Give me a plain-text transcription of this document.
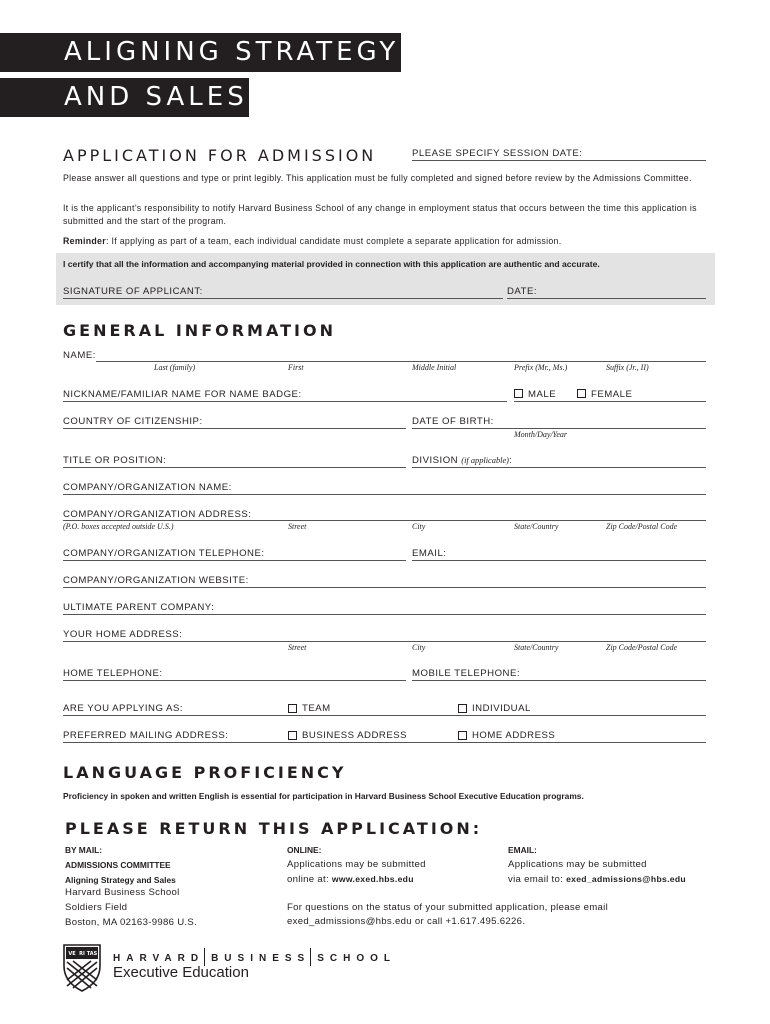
ALIGNING STRATEGY
AND SALES
APPLICATION FOR ADMISSION	PLEASE SPECIFY SESSION DATE:
Please answer all questions and type or print legibly. This application must be fully completed and signed before review by the Admissions Committee.
It is the applicant’s responsibility to notify Harvard Business School of any change in employment status that occurs between the time this application is submitted and the start of the program.
Reminder: If applying as part of a team, each individual candidate must complete a separate application for admission.
I certify that all the information and accompanying material provided in connection with this application are authentic and accurate.
SIGNATURE OF APPLICANT:	DATE:
GENERAL INFORMATION
NAME:
Last (family)	First	Middle Initial	Prefix (Mr., Ms.)	Suffix (Jr., II)
NICKNAME/FAMILIAR NAME FOR NAME BADGE:	MALE	FEMALE
COUNTRY OF CITIZENSHIP:	DATE OF BIRTH:
Month/Day/Year
TITLE OR POSITION:	DIVISION (if applicable):
COMPANY/ORGANIZATION NAME:
COMPANY/ORGANIZATION ADDRESS:
(P.O. boxes accepted outside U.S.)	Street	City	State/Country	Zip Code/Postal Code
COMPANY/ORGANIZATION TELEPHONE:	EMAIL:
COMPANY/ORGANIZATION WEBSITE:
ULTIMATE PARENT COMPANY:
YOUR HOME ADDRESS:
Street	City	State/Country	Zip Code/Postal Code
HOME TELEPHONE:	MOBILE TELEPHONE:
ARE YOU APPLYING AS:	TEAM	INDIVIDUAL
PREFERRED MAILING ADDRESS:	BUSINESS ADDRESS	HOME ADDRESS
LANGUAGE PROFICIENCY
Proficiency in spoken and written English is essential for participation in Harvard Business School Executive Education programs.
PLEASE RETURN THIS APPLICATION:
BY MAIL:
ADMISSIONS COMMITTEE
Aligning Strategy and Sales
Harvard Business School
Soldiers Field
Boston, MA 02163-9986 U.S.
ONLINE:
Applications may be submitted
online at: www.exed.hbs.edu
EMAIL:
Applications may be submitted
via email to: exed_admissions@hbs.edu
For questions on the status of your submitted application, please email
exed_admissions@hbs.edu or call +1.617.495.6226.
VE RI TAS HARVARD BUSINESS SCHOOL
Executive Education
